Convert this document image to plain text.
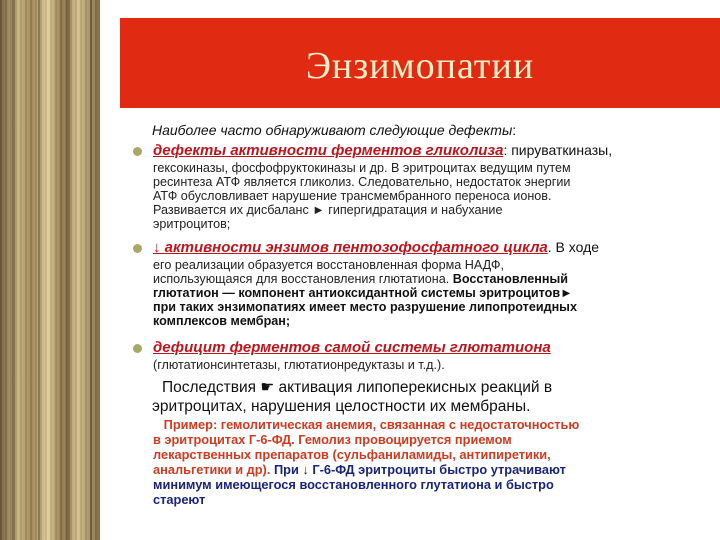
Энзимопатии
Наиболее часто обнаруживают следующие дефекты:
дефекты активности ферментов гликолиза: пируваткиназы,
гексокиназы, фосфофруктокиназы и др. В эритроцитах ведущим путем
ресинтеза АТФ является гликолиз. Следовательно, недостаток энергии
АТФ обусловливает нарушение трансмембранного переноса ионов.
Развивается их дисбаланс ► гипергидратация и набухание
эритроцитов;
↓ активности энзимов пентозофосфатного цикла. В ходе
его реализации образуется восстановленная форма НАДФ,
использующаяся для восстановления глютатиона. Восстановленный
глютатион — компонент антиоксидантной системы эритроцитов►
при таких энзимопатиях имеет место разрушение липопротеидных
комплексов мембран;
дефицит ферментов самой системы глютатиона
(глютатионсинтетазы, глютатионредуктазы и т.д.).
Последствия ☛ активация липоперекисных реакций в
эритроцитах, нарушения целостности их мембраны.
Пример: гемолитическая анемия, связанная с недостаточностью
в эритроцитах Г-6-ФД. Гемолиз провоцируется приемом
лекарственных препаратов (сульфаниламиды, антипиретики,
анальгетики и др). При ↓ Г-6-ФД эритроциты быстро утрачивают
минимум имеющегося восстановленного глутатиона и быстро
стареют
